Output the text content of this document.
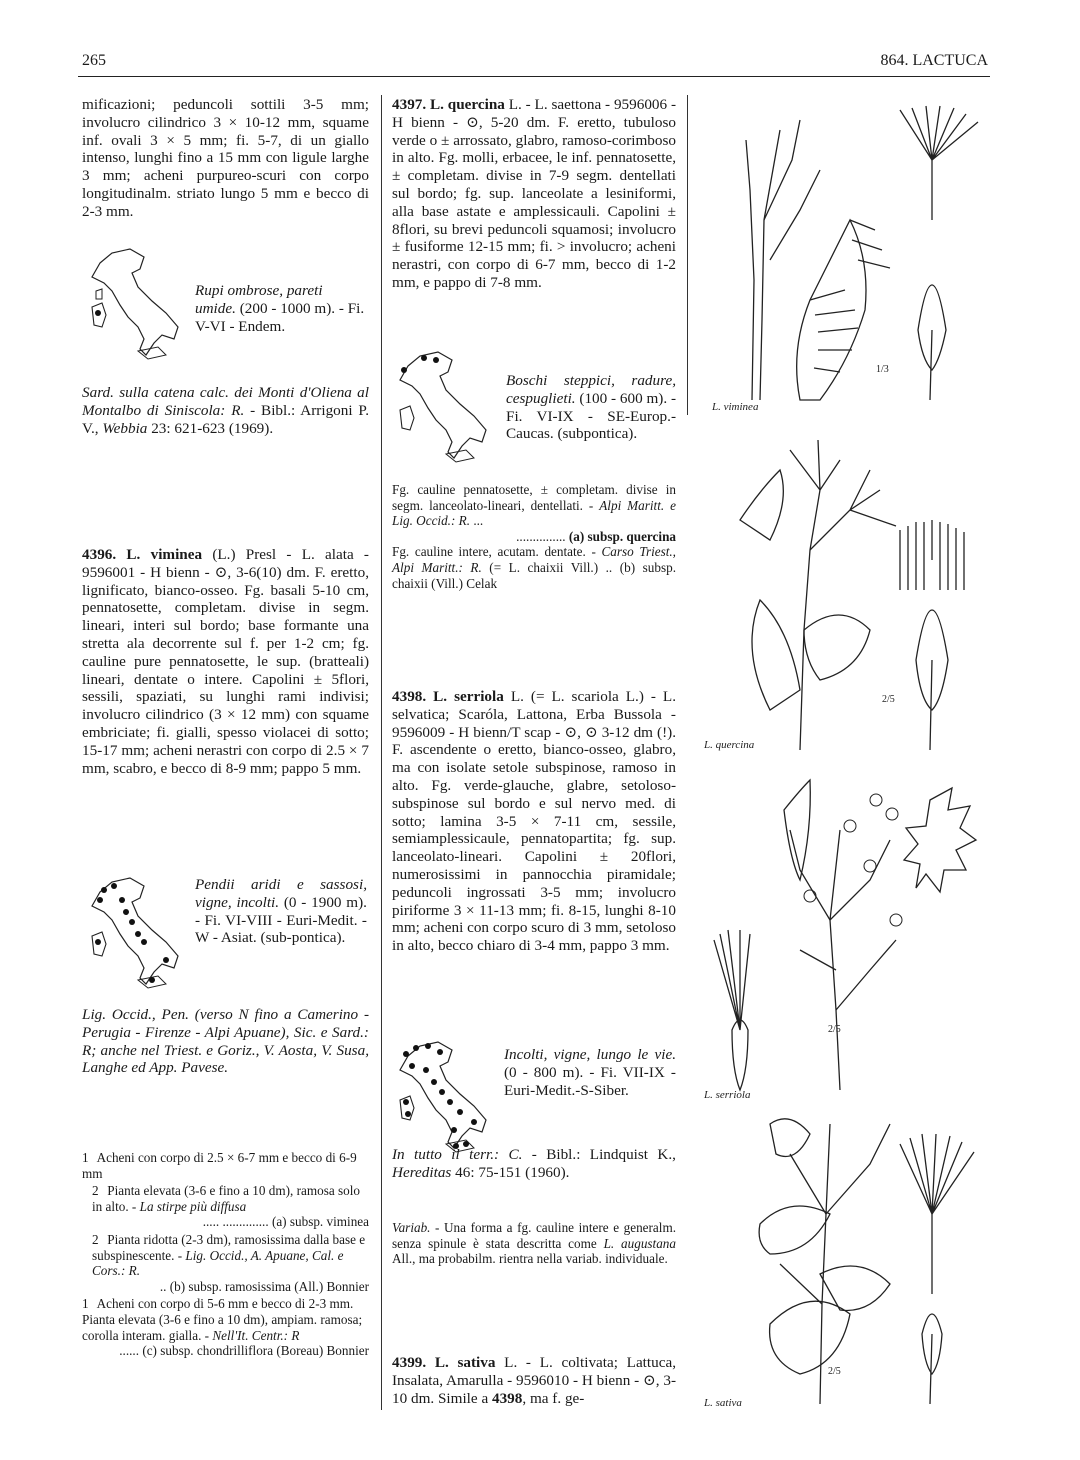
265	864. LACTUCA

mificazioni; peduncoli sottili 3-5 mm; involucro cilindrico 3 × 10-12 mm, squame inf. ovali 3 × 5 mm; fi. 5-7, di un giallo intenso, lunghi fino a 15 mm con ligule larghe 3 mm; acheni purpureo-scuri con corpo longitudinalm. striato lungo 5 mm e becco di 2-3 mm.

Rupi ombrose, pareti umide. (200 - 1000 m). - Fi. V-VI - Endem.
Sard. sulla catena calc. dei Monti d'Oliena al Montalbo di Siniscola: R. - Bibl.: Arrigoni P. V., Webbia 23: 621-623 (1969).
4396. L. viminea (L.) Presl - L. alata - 9596001 - H bienn - ⊙, 3-6(10) dm. F. eretto, lignificato, bianco-osseo. Fg. basali 5-10 cm, pennatosette, completam. divise in segm. lineari, interi sul bordo; base formante una stretta ala decorrente sul f. per 1-2 cm; fg. cauline pure pennatosette, le sup. (bratteali) lineari, dentate o intere. Capolini ± 5flori, sessili, spaziati, su lunghi rami indivisi; involucro cilindrico (3 × 12 mm) con squame embriciate; fi. gialli, spesso violacei di sotto; 15-17 mm; acheni nerastri con corpo di 2.5 × 7 mm, scabro, e becco di 8-9 mm; pappo 5 mm.
Pendii aridi e sassosi, vigne, incolti. (0 - 1900 m). - Fi. VI-VIII - Euri-Medit. - W - Asiat. (sub-pontica).
Lig. Occid., Pen. (verso N fino a Camerino - Perugia - Firenze - Alpi Apuane), Sic. e Sard.: R; anche nel Triest. e Goriz., V. Aosta, V. Susa, Langhe ed App. Pavese.

1 Acheni con corpo di 2.5 × 6-7 mm e becco di 6-9 mm

2 Pianta elevata (3-6 e fino a 10 dm), ramosa solo in alto. - La stirpe più diffusa

..... .............. (a) subsp. viminea

2 Pianta ridotta (2-3 dm), ramosissima dalla base e subspinescente. - Lig. Occid., A. Apuane, Cal. e Cors.: R.

.. (b) subsp. ramosissima (All.) Bonnier

1 Acheni con corpo di 5-6 mm e becco di 2-3 mm. Pianta elevata (3-6 e fino a 10 dm), ampiam. ramosa; corolla interam. gialla. - Nell'It. Centr.: R

...... (c) subsp. chondrilliflora (Boreau) Bonnier

4397. L. quercina L. - L. saettona - 9596006 - H bienn - ⊙, 5-20 dm. F. eretto, tubuloso verde o ± arrossato, glabro, ramoso-corimboso in alto. Fg. molli, erbacee, le inf. pennatosette, ± completam. divise in 7-9 segm. dentellati sul bordo; fg. sup. lanceolate a lesiniformi, alla base astate e amplessicauli. Capolini ± 8flori, su brevi peduncoli squamosi; involucro ± fusiforme 12-15 mm; fi. > involucro; acheni nerastri, con corpo di 6-7 mm, becco di 1-2 mm, e pappo di 7-8 mm.
Boschi steppici, radure, cespuglieti. (100 - 600 m). - Fi. VI-IX - SE-Europ.-Caucas. (subpontica).

Fg. cauline pennatosette, ± completam. divise in segm. lanceolato-lineari, dentellati. - Alpi Maritt. e Lig. Occid.: R. ...

............... (a) subsp. quercina

Fg. cauline intere, acutam. dentate. - Carso Triest., Alpi Maritt.: R. (= L. chaixii Vill.) .. (b) subsp. chaixii (Vill.) Celak

4398. L. serriola L. (= L. scariola L.) - L. selvatica; Scaróla, Lattona, Erba Bussola - 9596009 - H bienn/T scap - ⊙, ⊙ 3-12 dm (!). F. ascendente o eretto, bianco-osseo, glabro, ma con isolate setole subspinose, ramoso in alto. Fg. verde-glauche, glabre, setoloso-subspinose sul bordo e sul nervo med. di sotto; lamina 3-5 × 7-11 cm, sessile, semiamplessicaule, pennatopartita; fg. sup. lanceolato-lineari. Capolini ± 20flori, numerosissimi in pannocchia piramidale; peduncoli ingrossati 3-5 mm; involucro piriforme 3 × 11-13 mm; fi. 8-15, lunghi 8-10 mm; acheni con corpo scuro di 3 mm, setoloso in alto, becco chiaro di 3-4 mm, pappo 3 mm.
Incolti, vigne, lungo le vie. (0 - 800 m). - Fi. VII-IX - Euri-Medit.-S-Siber.
In tutto il terr.: C. - Bibl.: Lindquist K., Hereditas 46: 75-151 (1960).
Variab. - Una forma a fg. cauline intere e generalm. senza spinule è stata descritta come L. augustana All., ma probabilm. rientra nella variab. individuale.
4399. L. sativa L. - L. coltivata; Lattuca, Insalata, Amarulla - 9596010 - H bienn - ⊙, 3-10 dm. Simile a 4398, ma f. ge-
L. viminea
1/3
L. quercina
2/5
L. serriola
2/5
L. sativa
2/5
